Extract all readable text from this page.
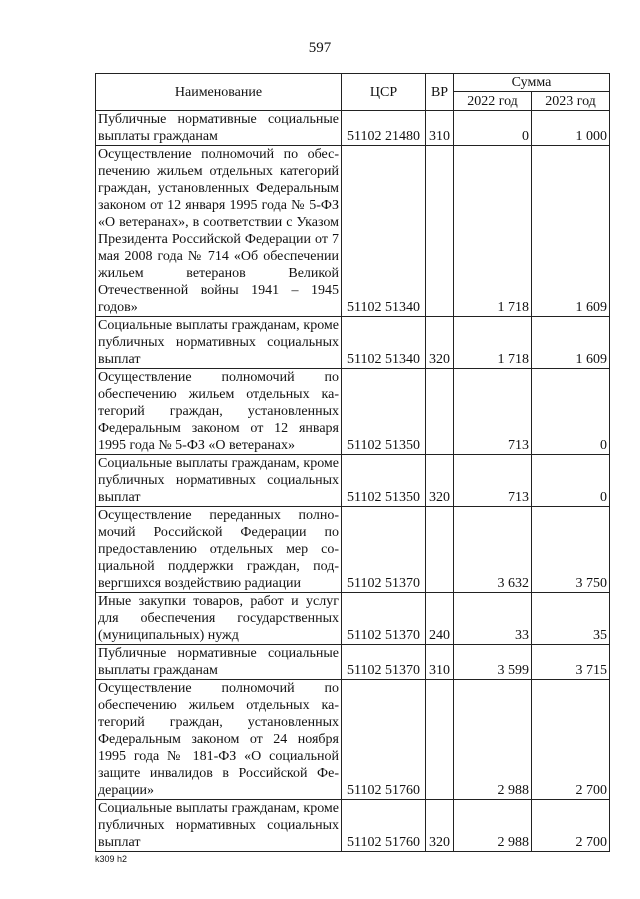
597
Наименование	ЦСР	ВР	Сумма	
			2022 год	2023 год
Публичные нормативные социальные выплаты гражданам	51102 21480	310	0	1 000
Осуществление полномочий по обеспечению жильем отдельных категорий граждан, установленных Федеральным законом от 12 января 1995 года № 5-ФЗ «О ветеранах», в соответствии с Указом Президента Российской Федерации от 7 мая 2008 года № 714 «Об обеспечении жильем ветеранов Великой Отечественной войны 1941 – 1945 годов»	51102 51340		1 718	1 609
Социальные выплаты гражданам, кроме публичных нормативных социальных выплат	51102 51340	320	1 718	1 609
Осуществление полномочий по обеспечению жильем отдельных категорий граждан, установленных Федеральным законом от 12 января 1995 года № 5-ФЗ «О ветеранах»	51102 51350		713	0
Социальные выплаты гражданам, кроме публичных нормативных социальных выплат	51102 51350	320	713	0
Осуществление переданных полномочий Российской Федерации по предоставлению отдельных мер социальной поддержки граждан, подвергшихся воздействию радиации	51102 51370		3 632	3 750
Иные закупки товаров, работ и услуг для обеспечения государственных (муниципальных) нужд	51102 51370	240	33	35
Публичные нормативные социальные выплаты гражданам	51102 51370	310	3 599	3 715
Осуществление полномочий по обеспечению жильем отдельных категорий граждан, установленных Федеральным законом от 24 ноября 1995 года № 181-ФЗ «О социальной защите инвалидов в Российской Федерации»	51102 51760		2 988	2 700
Социальные выплаты гражданам, кроме публичных нормативных социальных выплат	51102 51760	320	2 988	2 700
k309 h2
